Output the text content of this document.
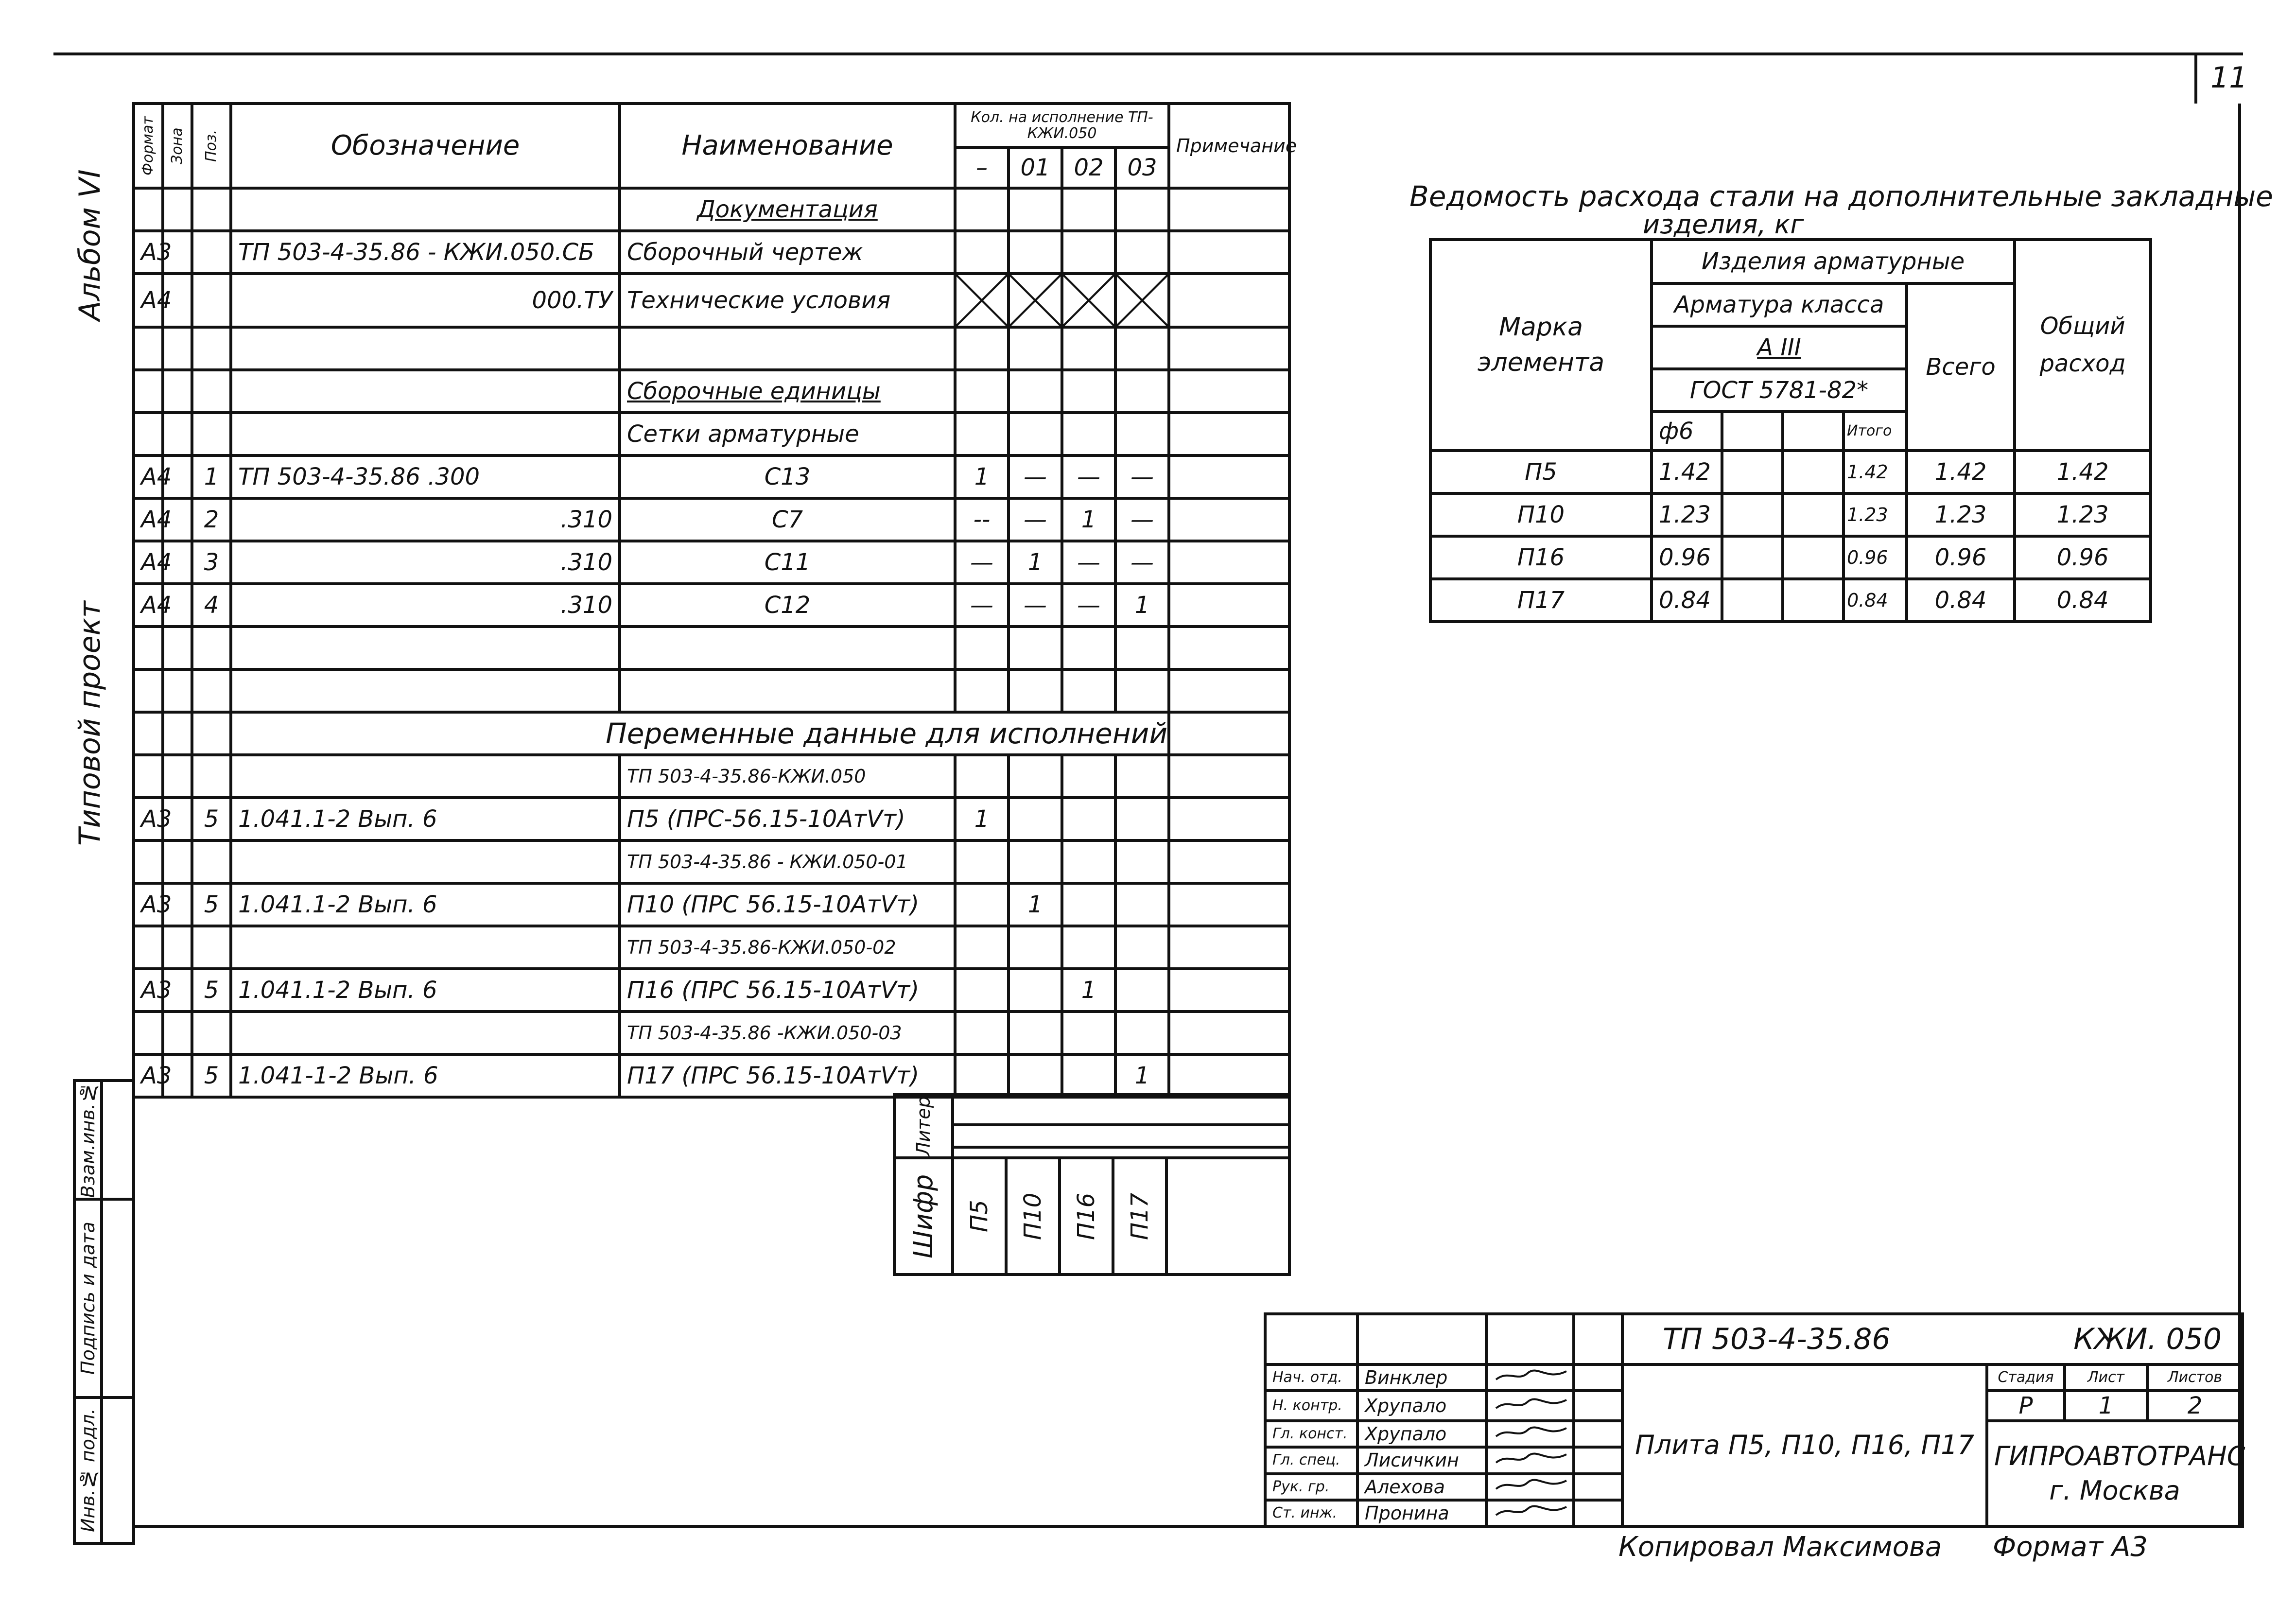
11
Альбом VI
Типовой проект
Взам.инв.№	
Подпись и дата	
Инв.№ подл.	
Формат	Зона	Поз.	Обозначение	Наименование	Кол. на исполнение ТП- КЖИ.050				Примечание	
					–	01	02	03		
				Документация						
А3			ТП 503-4-35.86 - КЖИ.050.СБ	Сборочный чертеж						
А4			000.ТУ	Технические условия	

				Сборочные единицы						
				Сетки арматурные						
А4		1	ТП 503-4-35.86 .300	С13	1	—	—	—		
А4		2	.310	С7	--	—	1	—		
А4		3	.310	С11	—	1	—	—		
А4		4	.310	С12	—	—	—	1		

			Переменные данные для исполнений							
				ТП 503-4-35.86-КЖИ.050						
А3		5	1.041.1-2 Вып. 6	П5 (ПРС-56.15-10АтVт)	1					
				ТП 503-4-35.86 - КЖИ.050-01						
А3		5	1.041.1-2 Вып. 6	П10 (ПРС 56.15-10АтVт)		1				
				ТП 503-4-35.86-КЖИ.050-02						
А3		5	1.041.1-2 Вып. 6	П16 (ПРС 56.15-10АтVт)			1			
				ТП 503-4-35.86 -КЖИ.050-03						
А3		5	1.041-1-2 Вып. 6	П17 (ПРС 56.15-10АтVт)				1		
Литер					

Шифр	П5	П10	П16	П17	
Ведомость расхода стали на дополнительные закладные
изделия, кг
Марка элемента	Изделия арматурные					Общий расход
	Арматура класса				Всего	
	А III					
	ГОСТ 5781-82*					
	ф6			Итого		
П5	1.42			1.42	1.42	1.42
П10	1.23			1.23	1.23	1.23
П16	0.96			0.96	0.96	0.96
П17	0.84			0.84	0.84	0.84

				ТП 503-4-35.86 КЖИ. 050			

Нач. отд.	Винклер			Плита П5, П10, П16, П17	Стадия	Лист	Листов
Н. контр.	Хрупало				Р	1	2
Гл. конст.	Хрупало				ГИПРОАВТОТРАНС
г. Москва		

Гл. спец.	Лисичкин		
Рук. гр.	Алехова		
Ст. инж.	Пронина		
Копировал Максимова Формат А3
